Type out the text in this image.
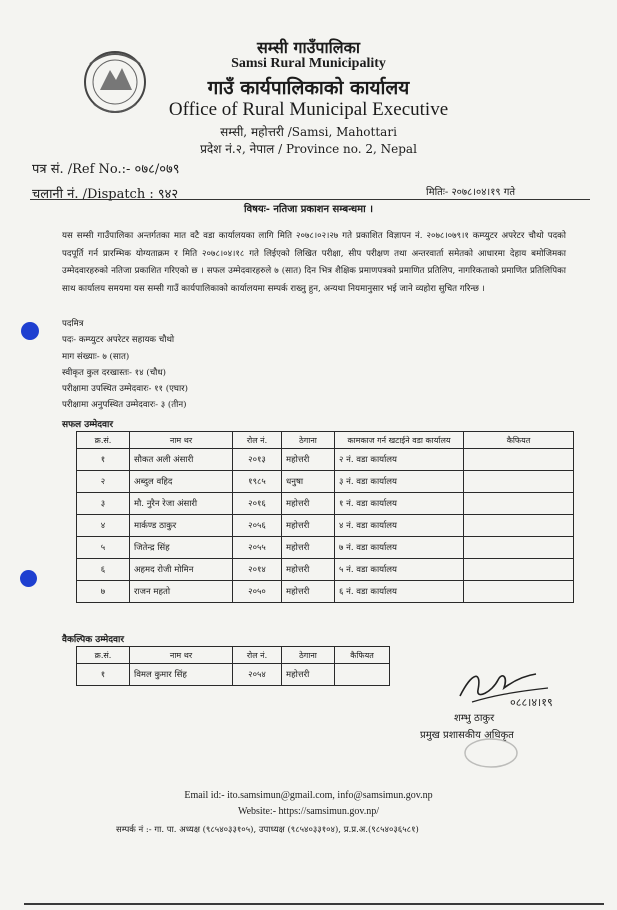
सम्सी गाउँपालिका
Samsi Rural Municipality
गाउँ कार्यपालिकाको कार्यालय
Office of Rural Municipal Executive
सम्सी, महोत्तरी /Samsi, Mahottari
प्रदेश नं.२, नेपाल / Province no. 2, Nepal
पत्र सं. /Ref No.:- ०७८/०७९
चलानी नं. /Dispatch : ९४२	मितिः- २०७८।०४।१९ गते
विषयः- नतिजा प्रकाशन सम्बन्धमा ।
यस सम्सी गाउँपालिका अन्तर्गतका मात वटै वडा कार्यालयका लागि मिति २०७८।०२।२७ गते प्रकाशित विज्ञापन नं. २०७८।०७९।१ कम्प्युटर अपरेटर चौथो पदको पदपूर्ति गर्न प्रारम्भिक योग्यताक्रम र मिति २०७८।०४।१८ गते लिईएको लिखित परीक्षा, सीप परीक्षण तथा अन्तरवार्ता समेतको आधारमा देहाय बमोजिमका उम्मेदवारहरुको नतिजा प्रकाशित गरिएको छ । सफल उम्मेदवारहरुले ७ (सात) दिन भित्र शैक्षिक प्रमाणपत्रको प्रमाणित प्रतिलिप, नागरिकताको प्रमाणित प्रतिलिपिका साथ कार्यालय समयमा यस सम्सी गाउँ कार्यपालिकाको कार्यालयमा सम्पर्क राख्नु हुन, अन्यथा नियमानुसार भई जाने व्यहोरा सुचित गरिन्छ ।
पदमित्र
पदः- कम्प्युटर अपरेटर सहायक चौथो
माग संख्याः- ७ (सात)
स्वीकृत कुल दरखास्तः- १४ (चौध)
परीक्षामा उपस्थित उम्मेदवारः- ११ (एघार)
परीक्षामा अनुपस्थित उम्मेदवारः- ३ (तीन)
सफल उम्मेदवार
क्र.सं.	नाम थर	रोल नं.	ठेगाना	कामकाज गर्न खटाईने वडा कार्यालय	कैफियत
१	सौकत अली अंसारी	२०१३	महोत्तरी	२ नं. वडा कार्यालय	
२	अब्दुल वहिद	१९८५	धनुषा	३ नं. वडा कार्यालय	
३	मौ. नुरैन रेजा अंसारी	२०१६	महोत्तरी	१ नं. वडा कार्यालय	
४	मार्कण्ड ठाकुर	२०५६	महोत्तरी	४ नं. वडा कार्यालय	
५	जितेन्द्र सिंह	२०५५	महोत्तरी	७ नं. वडा कार्यालय	
६	अहमद रोजी मोमिन	२०१४	महोत्तरी	५ नं. वडा कार्यालय	
७	राजन महतो	२०५०	महोत्तरी	६ नं. वडा कार्यालय	
वैकल्पिक उम्मेदवार
क्र.सं.	नाम थर	रोल नं.	ठेगाना	कैफियत
१	विमल कुमार सिंह	२०५४	महोत्तरी	
०८८।४।१९
शम्भु ठाकुर
प्रमुख प्रशासकीय अधिकृत
Email id:- ito.samsimun@gmail.com, info@samsimun.gov.np
Website:- https://samsimun.gov.np/
सम्पर्क नं :- गा. पा. अध्यक्ष (९८५४०३३१०५), उपाध्यक्ष (९८५४०३३१०४), प्र.प्र.अ.(९८५४०३६५८१)
